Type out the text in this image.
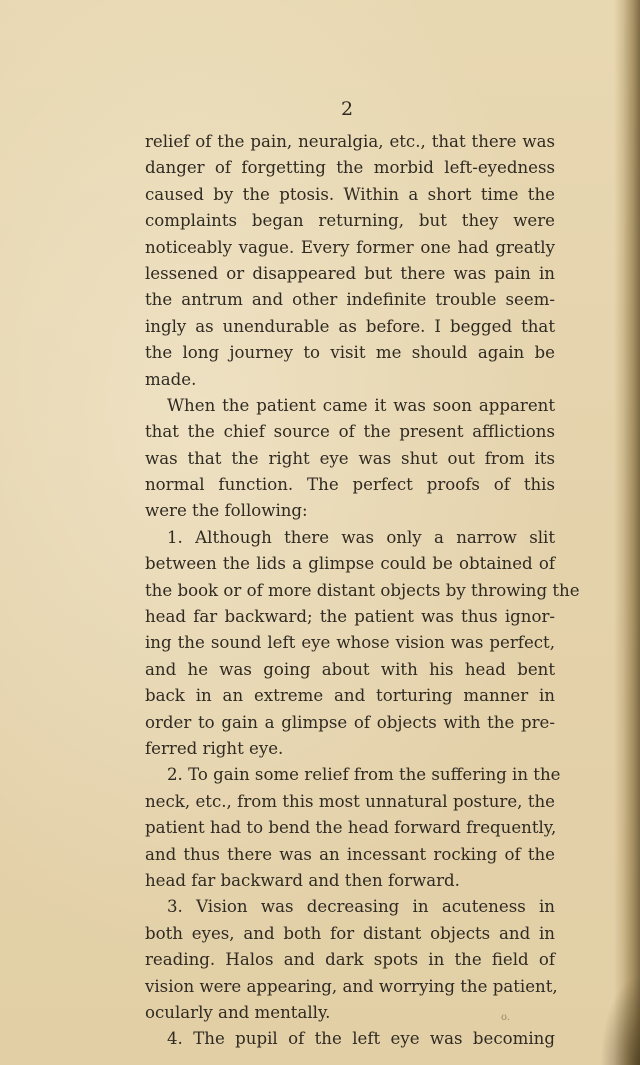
2

relief of the pain, neuralgia, etc., that there was
danger of forgetting the morbid left-eyedness
caused by the ptosis. Within a short time the
complaints began returning, but they were
noticeably vague. Every former one had greatly
lessened or disappeared but there was pain in
the antrum and other indefinite trouble seem-
ingly as unendurable as before. I begged that
the long journey to visit me should again be
made.
When the patient came it was soon apparent
that the chief source of the present afflictions
was that the right eye was shut out from its
normal function. The perfect proofs of this
were the following:
1. Although there was only a narrow slit
between the lids a glimpse could be obtained of
the book or of more distant objects by throwing the
head far backward; the patient was thus ignor-
ing the sound left eye whose vision was perfect,
and he was going about with his head bent
back in an extreme and torturing manner in
order to gain a glimpse of objects with the pre-
ferred right eye.
2. To gain some relief from the suffering in the
neck, etc., from this most unnatural posture, the
patient had to bend the head forward frequently,
and thus there was an incessant rocking of the
head far backward and then forward.
3. Vision was decreasing in acuteness in
both eyes, and both for distant objects and in
reading. Halos and dark spots in the field of
vision were appearing, and worrying the patient,
ocularly and mentally.
4. The pupil of the left eye was becoming
o.
